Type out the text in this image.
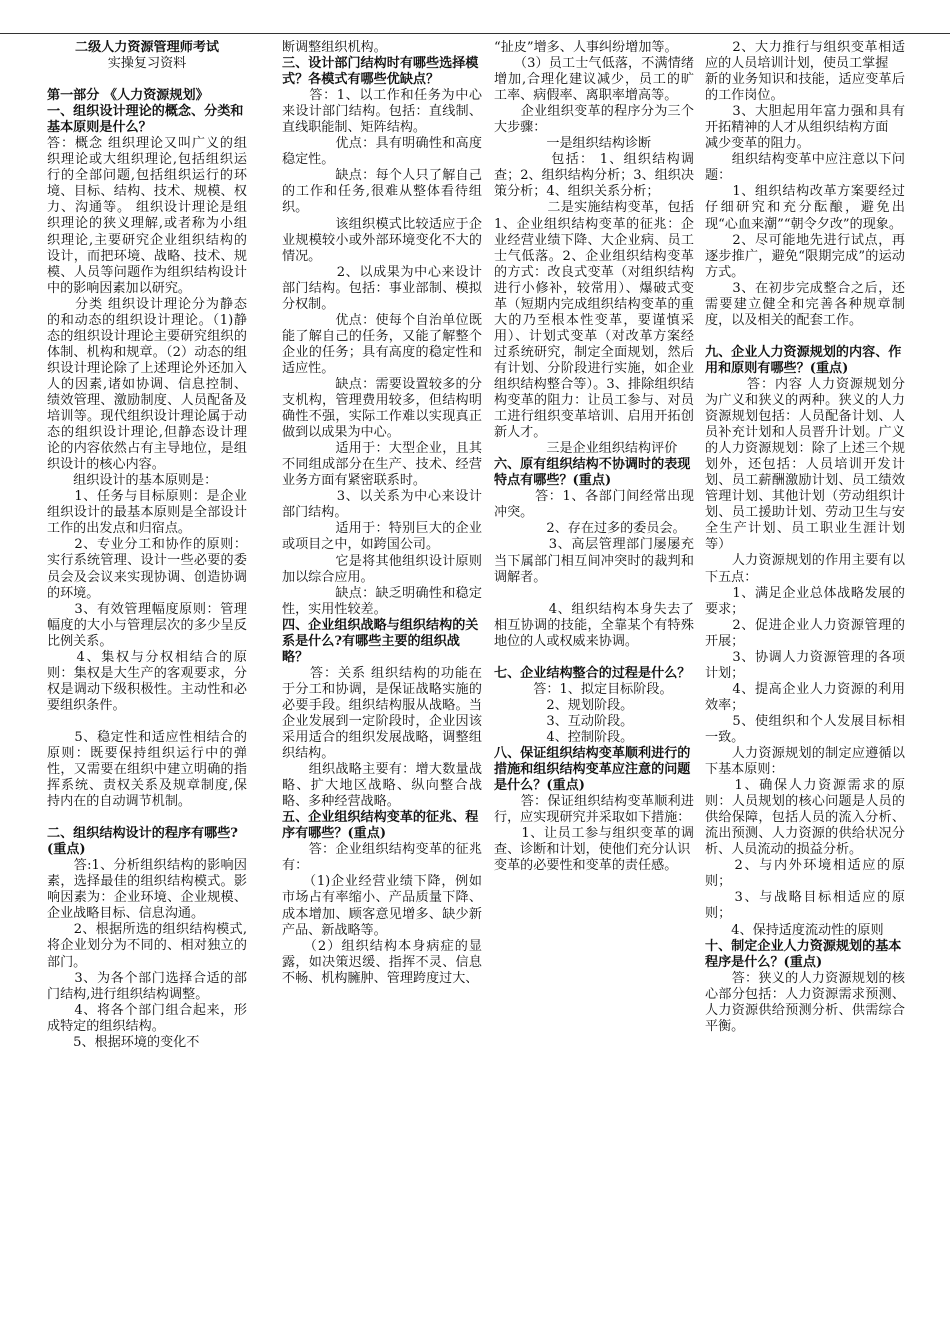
二级人力资源管理师考试

实操复习资料

第一部分 《人力资源规划》
一、组织设计理论的概念、分类和基本原则是什么？

答：概念 组织理论又叫广义的组织理论或大组织理论,包括组织运行的全部问题,包括组织运行的环境、目标、结构、技术、规模、权力、沟通等。 组织设计理论是组织理论的狭义理解,或者称为小组织理论,主要研究企业组织结构的设计，而把环境、战略、技术、规模、人员等问题作为组织结构设计中的影响因素加以研究。

　　分类 组织设计理论分为静态的和动态的组织设计理论。（1)静态的组织设计理论主要研究组织的体制、机构和规章。（2）动态的组织设计理论除了上述理论外还加入人的因素,诸如协调、信息控制、绩效管理、激励制度、人员配备及培训等。现代组织设计理论属于动态的组织设计理论,但静态设计理论的内容依然占有主导地位，是组织设计的核心内容。

　　组织设计的基本原则是：

　　1、任务与目标原则：是企业组织设计的最基本原则是全部设计工作的出发点和归宿点。

　　2、专业分工和协作的原则：实行系统管理、设计一些必要的委员会及会议来实现协调、创造协调的环境。

　　3、有效管理幅度原则：管理幅度的大小与管理层次的多少呈反比例关系。

　　4、集权与分权相结合的原则：集权是大生产的客观要求，分权是调动下级积极性。主动性和必要组织条件。

　　5、稳定性和适应性相结合的原则：既要保持组织运行中的弹性，又需要在组织中建立明确的指挥系统、责权关系及规章制度,保持内在的自动调节机制。

二、组织结构设计的程序有哪些?(重点)

　　答:1、分析组织结构的影响因素，选择最佳的组织结构模式。影响因素为：企业环境、企业规模、企业战略目标、信息沟通。

　　2、根据所选的组织结构模式,将企业划分为不同的、相对独立的部门。

　　3、为各个部门选择合适的部门结构,进行组织结构调整。

　　4、将各个部门组合起来，形成特定的组织结构。

　　5、根据环境的变化不

断调整组织机构。

三、设计部门结构时有哪些选择模式？各模式有哪些优缺点？

　　答：1、以工作和任务为中心来设计部门结构。包括：直线制、直线职能制、矩阵结构。

　　　　优点：具有明确性和高度稳定性。

　　　　缺点：每个人只了解自己的工作和任务,很难从整体看待组织。

　　　　该组织模式比较适应于企业规模较小或外部环境变化不大的情况。

　　　　2、以成果为中心来设计部门结构。包括：事业部制、模拟分权制。

　　　　优点：使每个自治单位既能了解自己的任务，又能了解整个企业的任务；具有高度的稳定性和适应性。

　　　　缺点：需要设置较多的分支机构，管理费用较多，但结构明确性不强，实际工作难以实现真正做到以成果为中心。

　　　　适用于：大型企业，且其不同组成部分在生产、技术、经营业务方面有紧密联系时。

　　　　3、以关系为中心来设计部门结构。

　　　　适用于：特别巨大的企业或项目之中，如跨国公司。

　　　　它是将其他组织设计原则加以综合应用。

　　　　缺点：缺乏明确性和稳定性，实用性较差。

四、企业组织战略与组织结构的关系是什么?有哪些主要的组织战略？

　　答：关系 组织结构的功能在于分工和协调，是保证战略实施的必要手段。组织结构服从战略。当企业发展到一定阶段时，企业因该采用适合的组织发展战略，调整组织结构。

　　组织战略主要有：增大数量战略、扩大地区战略、纵向整合战略、多种经营战略。

五、企业组织结构变革的征兆、程序有哪些？(重点)

　　答：企业组织结构变革的征兆有：

　　（1)企业经营业绩下降，例如市场占有率缩小、产品质量下降、成本增加、顾客意见增多、缺少新产品、新战略等。

　　（2）组织结构本身病症的显露，如决策迟缓、指挥不灵、信息不畅、机构臃肿、管理跨度过大、

“扯皮”增多、人事纠纷增加等。

　　（3）员工士气低落，不满情绪增加,合理化建议减少，员工的旷工率、病假率、离职率增高等。

　　企业组织变革的程序分为三个大步骤：

　　　　一是组织结构诊断

　　　　包括： 1、组织结构调查；2、组织结构分析；3、组织决策分析；4、组织关系分析；

　　　　二是实施结构变革，包括 1、企业组织结构变革的征兆：企业经营业绩下降、大企业病、员工士气低落。2、企业组织结构变革的方式：改良式变革（对组织结构进行小修补，较常用）、爆破式变革（短期内完成组织结构变革的重大的乃至根本性变革，要谨慎采用）、计划式变革（对改革方案经过系统研究，制定全面规划，然后有计划、分阶段进行实施，如企业组织结构整合等）。3、排除组织结构变革的阻力：让员工参与、对员工进行组织变革培训、启用开拓创新人才。

　　　　三是企业组织结构评价

六、原有组织结构不协调时的表现特点有哪些？(重点)

　　　答：1、各部门间经常出现冲突。

　　　　2、存在过多的委员会。

　　　　3、高层管理部门屡屡充当下属部门相互间冲突时的裁判和调解者。

　　　　4、组织结构本身失去了相互协调的技能，全靠某个有特殊地位的人或权威来协调。

七、企业结构整合的过程是什么？

　　　答：1、拟定目标阶段。

　　　　2、规划阶段。

　　　　3、互动阶段。

　　　　4、控制阶段。

八、保证组织结构变革顺利进行的措施和组织结构变革应注意的问题是什么？(重点)

　　答：保证组织结构变革顺利进行，应实现研究并采取如下措施：

　　1、让员工参与组织变革的调查、诊断和计划，使他们充分认识

变革的必要性和变革的责任感。

　　2、大力推行与组织变革相适应的人员培训计划，使员工掌握

新的业务知识和技能，适应变革后的工作岗位。

　　3、大胆起用年富力强和具有开拓精神的人才从组织结构方面

减少变革的阻力。

　　组织结构变革中应注意以下问题：

　　1、组织结构改革方案要经过仔细研究和充分酝酿，避免出现“心血来潮”“朝令夕改”的现象。

　　2、尽可能地先进行试点，再逐步推广，避免“限期完成”的运动方式。

　　3、在初步完成整合之后，还需要建立健全和完善各种规章制度，以及相关的配套工作。

九、企业人力资源规划的内容、作用和原则有哪些？(重点)

　　　答：内容 人力资源规划分为广义和狭义的两种。狭义的人力资源规划包括：人员配备计划、人员补充计划和人员晋升计划。广义的人力资源规划：除了上述三个规划外，还包括：人员培训开发计划、员工薪酬激励计划、员工绩效管理计划、其他计划（劳动组织计划、员工援助计划、劳动卫生与安全生产计划、员工职业生涯计划等）

　　人力资源规划的作用主要有以下五点：

　　1、满足企业总体战略发展的要求；

　　2、促进企业人力资源管理的开展；

　　3、协调人力资源管理的各项计划；

　　4、提高企业人力资源的利用效率；

　　5、使组织和个人发展目标相一致。

　　人力资源规划的制定应遵循以下基本原则：

　　1、确保人力资源需求的原则：人员规划的核心问题是人员的供给保障，包括人员的流入分析、流出预测、人力资源的供给状况分析、人员流动的损益分析。

　　2、与内外环境相适应的原则；

　　3、与战略目标相适应的原则；

　　4、保持适度流动性的原则

十、制定企业人力资源规划的基本程序是什么？(重点)

　　答：狭义的人力资源规划的核心部分包括：人力资源需求预测、人力资源供给预测分析、供需综合平衡。
